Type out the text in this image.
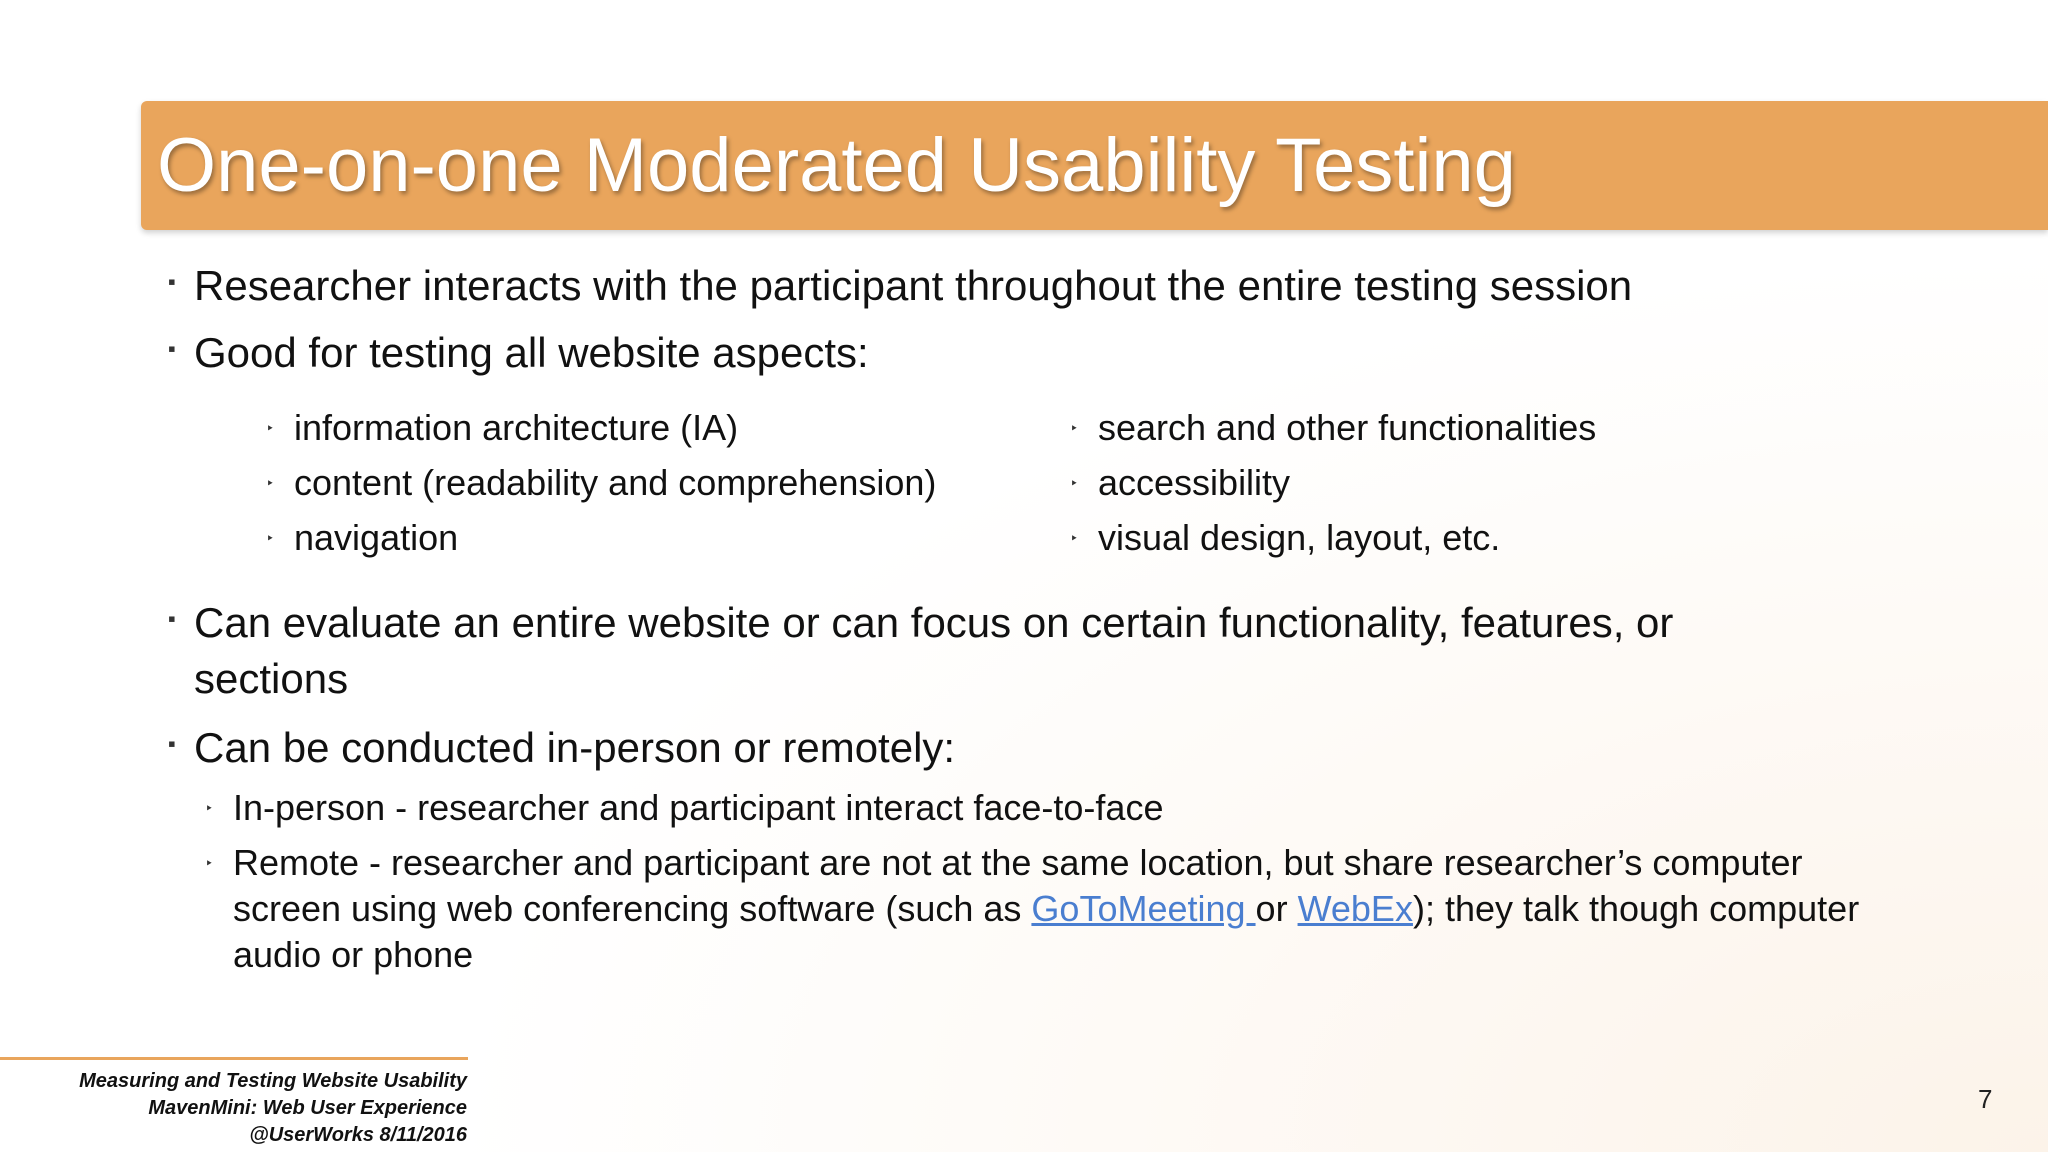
One-on-one Moderated Usability Testing
▪ Researcher interacts with the participant throughout the entire testing session
▪ Good for testing all website aspects:
‣ information architecture (IA)
‣ content (readability and comprehension)
‣ navigation
‣ search and other functionalities
‣ accessibility
‣ visual design, layout, etc.
▪ Can evaluate an entire website or can focus on certain functionality, features, or
sections
▪ Can be conducted in-person or remotely:
‣ In-person - researcher and participant interact face-to-face
‣ Remote - researcher and participant are not at the same location, but share researcher’s computer
screen using web conferencing software (such as GoToMeeting or WebEx); they talk though computer
audio or phone
Measuring and Testing Website Usability
MavenMini: Web User Experience
@UserWorks 8/11/2016
7
